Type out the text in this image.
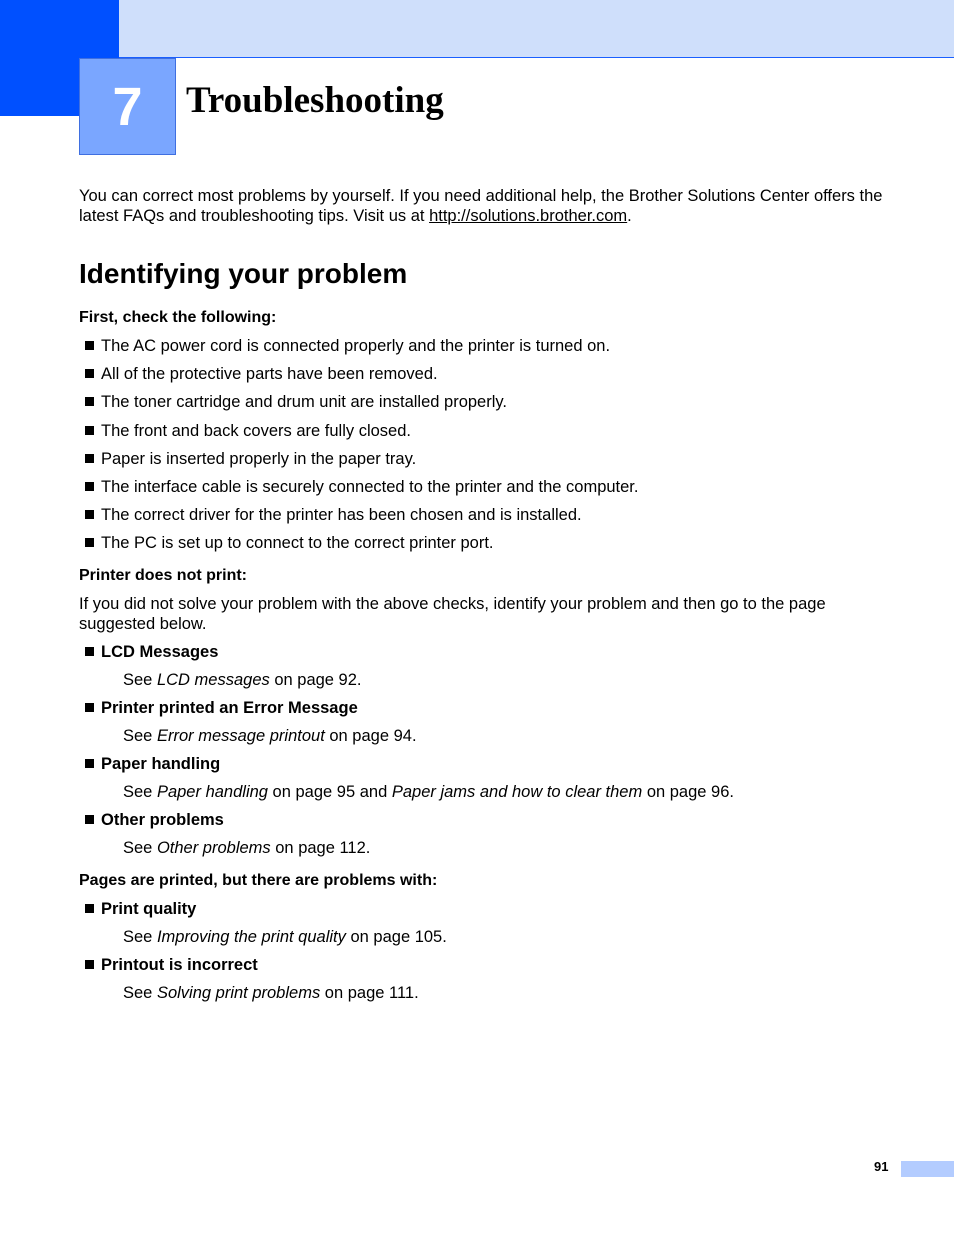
7 Troubleshooting

You can correct most problems by yourself. If you need additional help, the Brother Solutions Center offers the latest FAQs and troubleshooting tips. Visit us at http://solutions.brother.com.

Identifying your problem

First, check the following:

The AC power cord is connected properly and the printer is turned on.
All of the protective parts have been removed.
The toner cartridge and drum unit are installed properly.
The front and back covers are fully closed.
Paper is inserted properly in the paper tray.
The interface cable is securely connected to the printer and the computer.
The correct driver for the printer has been chosen and is installed.
The PC is set up to connect to the correct printer port.

Printer does not print:

If you did not solve your problem with the above checks, identify your problem and then go to the page suggested below.

LCD Messages
See LCD messages on page 92.
Printer printed an Error Message
See Error message printout on page 94.
Paper handling
See Paper handling on page 95 and Paper jams and how to clear them on page 96.
Other problems
See Other problems on page 112.

Pages are printed, but there are problems with:

Print quality
See Improving the print quality on page 105.
Printout is incorrect
See Solving print problems on page 111.
91
